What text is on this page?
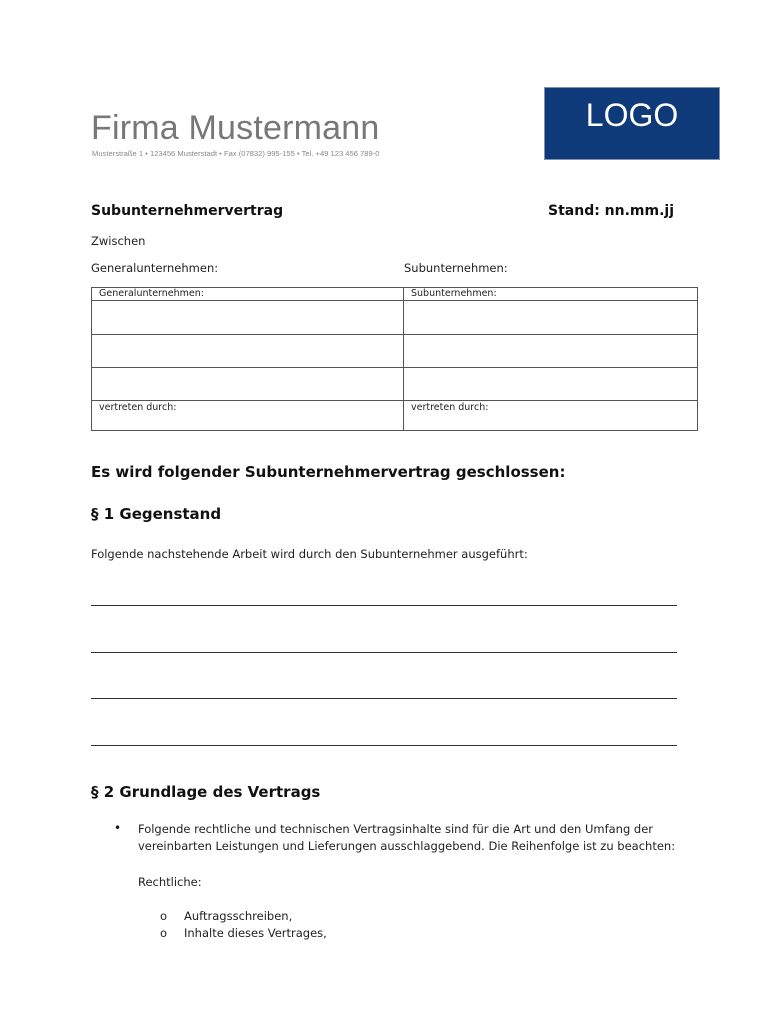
Firma Mustermann
Musterstraße 1 • 123456 Musterstadt • Fax (07832) 995-155 • Tel. +49 123 456 789-0
LOGO
Subunternehmervertrag	Stand: nn.mm.jj
Zwischen
Generalunternehmen:	Subunternehmen:
Generalunternehmen:	Subunternehmen:

vertreten durch:	vertreten durch:
Es wird folgender Subunternehmervertrag geschlossen:
§ 1 Gegenstand
Folgende nachstehende Arbeit wird durch den Subunternehmer ausgeführt:
§ 2 Grundlage des Vertrags
• Folgende rechtliche und technischen Vertragsinhalte sind für die Art und den Umfang der
vereinbarten Leistungen und Lieferungen ausschlaggebend. Die Reihenfolge ist zu beachten:
Rechtliche:
o Auftragsschreiben,
o Inhalte dieses Vertrages,
